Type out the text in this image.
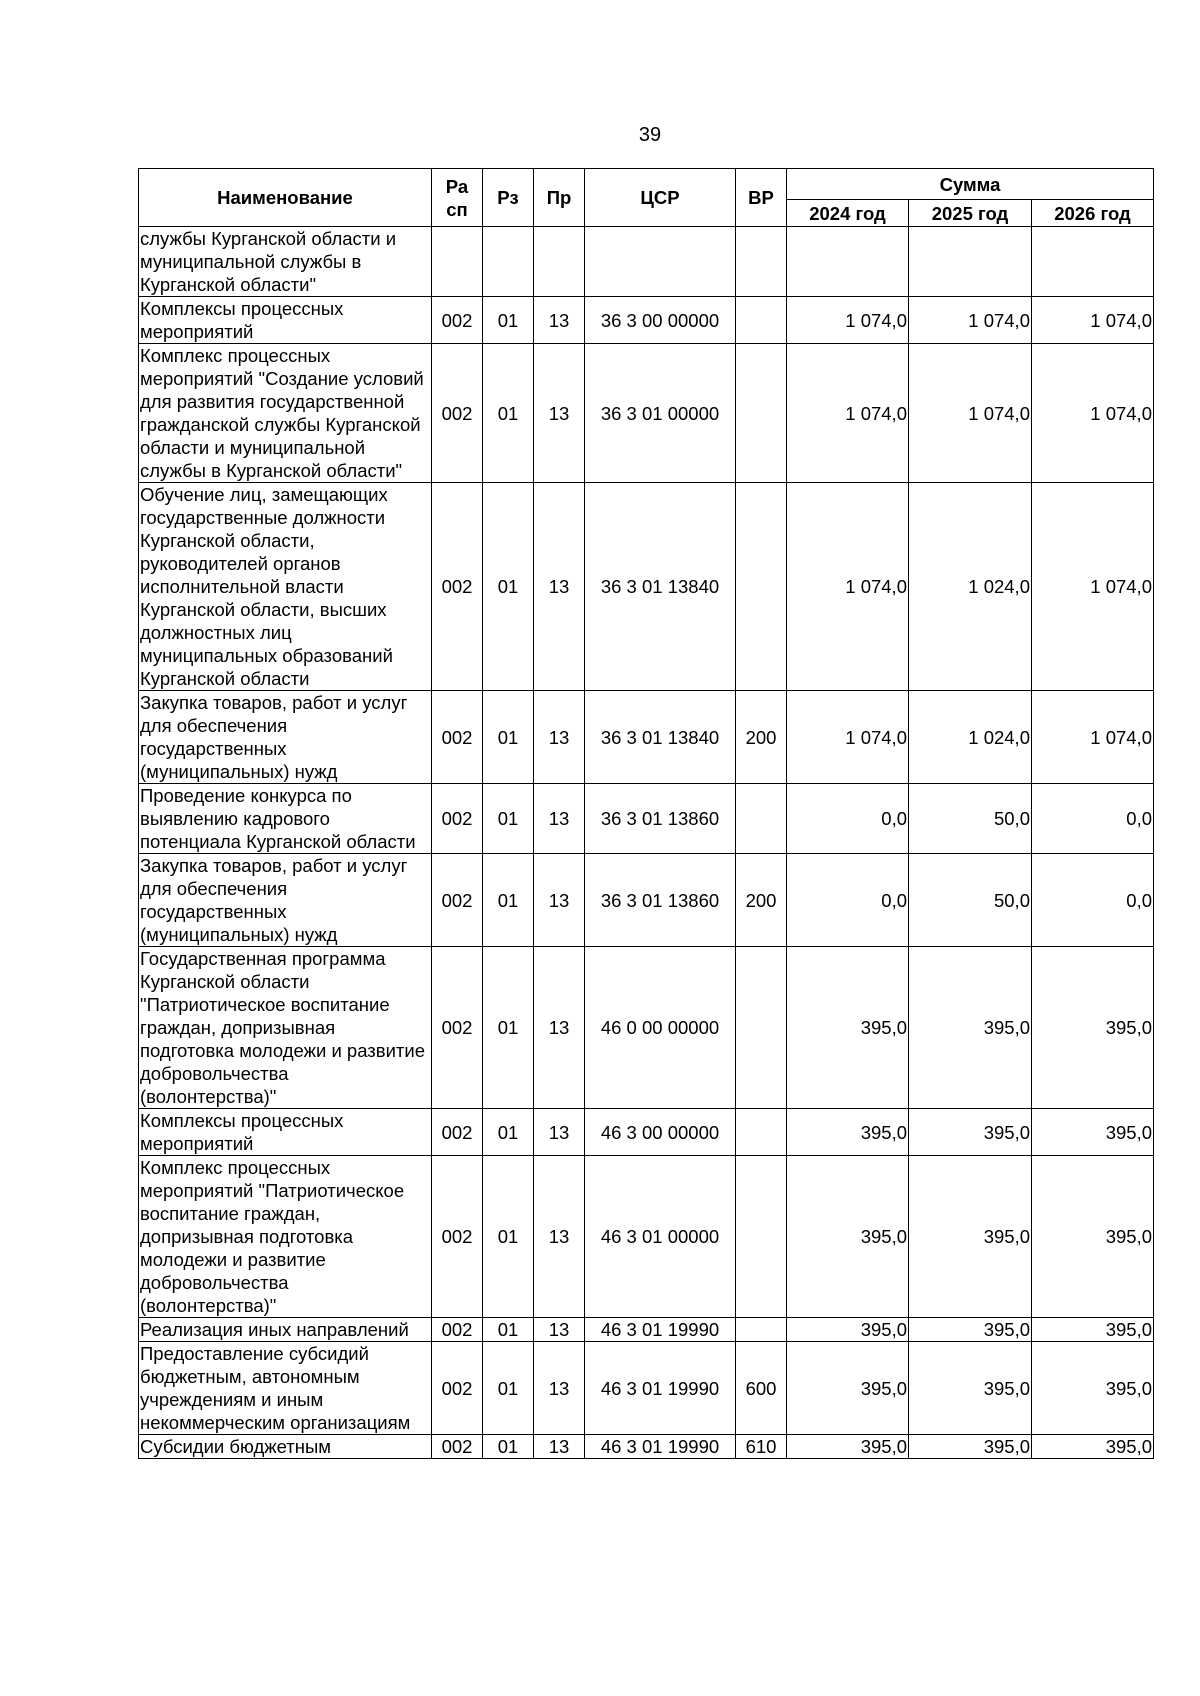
39
Наименование	Ра сп	Рз	Пр	ЦСР	ВР	Сумма		
						2024 год	2025 год	2026 год
службы Курганской области и муниципальной службы в Курганской области"								
Комплексы процессных мероприятий	002	01	13	36 3 00 00000		1 074,0	1 074,0	1 074,0
Комплекс процессных мероприятий "Создание условий для развития государственной гражданской службы Курганской области и муниципальной службы в Курганской области"	002	01	13	36 3 01 00000		1 074,0	1 074,0	1 074,0
Обучение лиц, замещающих государственные должности Курганской области, руководителей органов исполнительной власти Курганской области, высших должностных лиц муниципальных образований Курганской области	002	01	13	36 3 01 13840		1 074,0	1 024,0	1 074,0
Закупка товаров, работ и услуг для обеспечения государственных (муниципальных) нужд	002	01	13	36 3 01 13840	200	1 074,0	1 024,0	1 074,0
Проведение конкурса по выявлению кадрового потенциала Курганской области	002	01	13	36 3 01 13860		0,0	50,0	0,0
Закупка товаров, работ и услуг для обеспечения государственных (муниципальных) нужд	002	01	13	36 3 01 13860	200	0,0	50,0	0,0
Государственная программа Курганской области "Патриотическое воспитание граждан, допризывная подготовка молодежи и развитие добровольчества (волонтерства)"	002	01	13	46 0 00 00000		395,0	395,0	395,0
Комплексы процессных мероприятий	002	01	13	46 3 00 00000		395,0	395,0	395,0
Комплекс процессных мероприятий "Патриотическое воспитание граждан, допризывная подготовка молодежи и развитие добровольчества (волонтерства)"	002	01	13	46 3 01 00000		395,0	395,0	395,0
Реализация иных направлений	002	01	13	46 3 01 19990		395,0	395,0	395,0
Предоставление субсидий бюджетным, автономным учреждениям и иным некоммерческим организациям	002	01	13	46 3 01 19990	600	395,0	395,0	395,0
Субсидии бюджетным	002	01	13	46 3 01 19990	610	395,0	395,0	395,0
